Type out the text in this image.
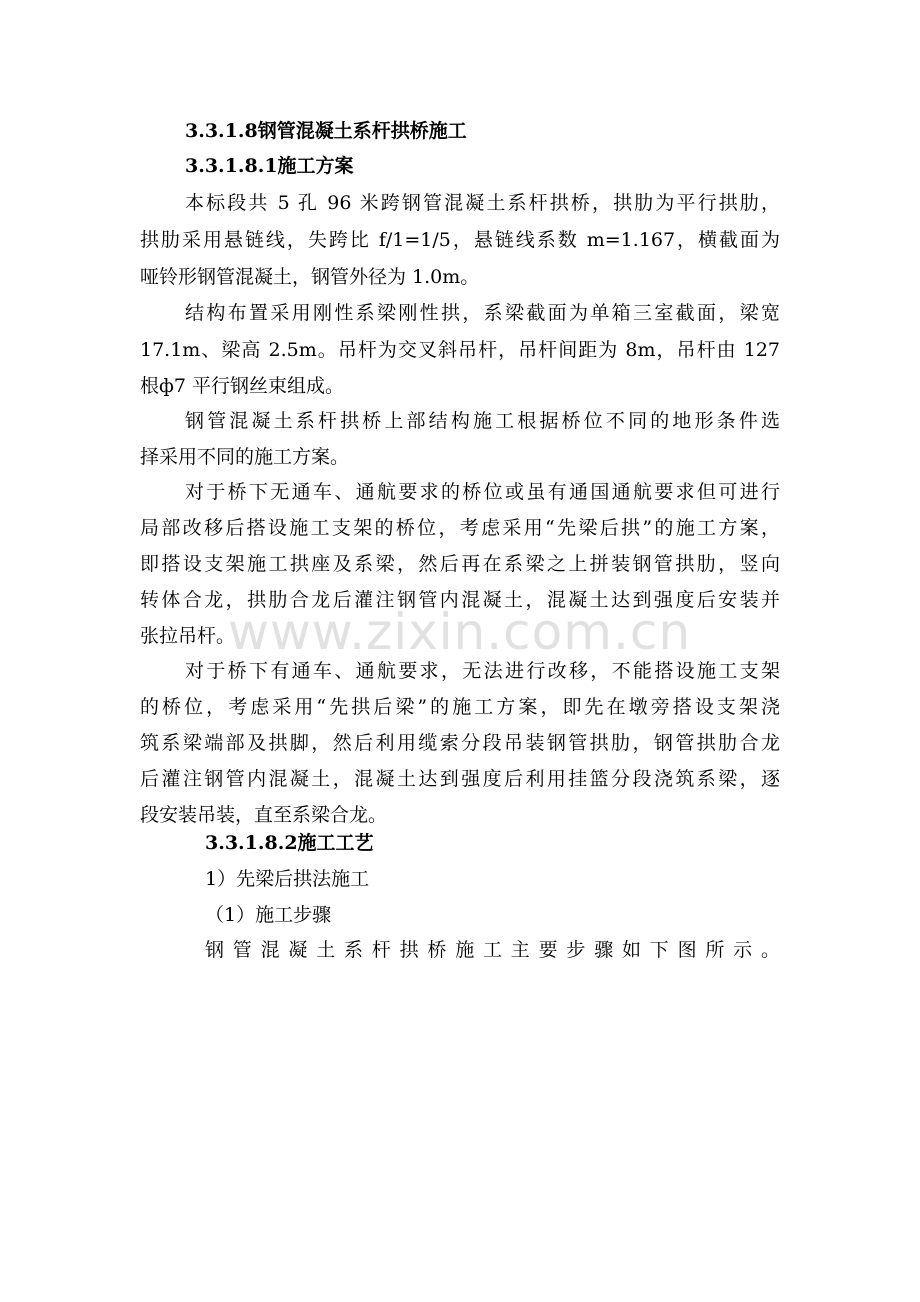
3.3.1.8钢管混凝土系杆拱桥施工
3.3.1.8.1施工方案
本标段共 5 孔 96 米跨钢管混凝土系杆拱桥，拱肋为平行拱肋，
拱肋采用悬链线，失跨比 f/1=1/5，悬链线系数 m=1.167，横截面为
哑铃形钢管混凝土，钢管外径为 1.0m。
结构布置采用刚性系梁刚性拱，系梁截面为单箱三室截面，梁宽
17.1m、梁高 2.5m。吊杆为交叉斜吊杆，吊杆间距为 8m，吊杆由 127
根ф7 平行钢丝束组成。
钢管混凝土系杆拱桥上部结构施工根据桥位不同的地形条件选
择采用不同的施工方案。
对于桥下无通车、通航要求的桥位或虽有通国通航要求但可进行
局部改移后搭设施工支架的桥位，考虑采用“先梁后拱”的施工方案，
即搭设支架施工拱座及系梁，然后再在系梁之上拼装钢管拱肋，竖向
转体合龙，拱肋合龙后灌注钢管内混凝土，混凝土达到强度后安装并
张拉吊杆。
对于桥下有通车、通航要求，无法进行改移，不能搭设施工支架
的桥位，考虑采用“先拱后梁”的施工方案，即先在墩旁搭设支架浇
筑系梁端部及拱脚，然后利用缆索分段吊装钢管拱肋，钢管拱肋合龙
后灌注钢管内混凝土，混凝土达到强度后利用挂篮分段浇筑系梁，逐
段安装吊装，直至系梁合龙。
3.3.1.8.2施工工艺
1）先梁后拱法施工
（1）施工步骤
钢管混凝土系杆拱桥施工主要步骤如下图所示。
www.zixin.com.cn
